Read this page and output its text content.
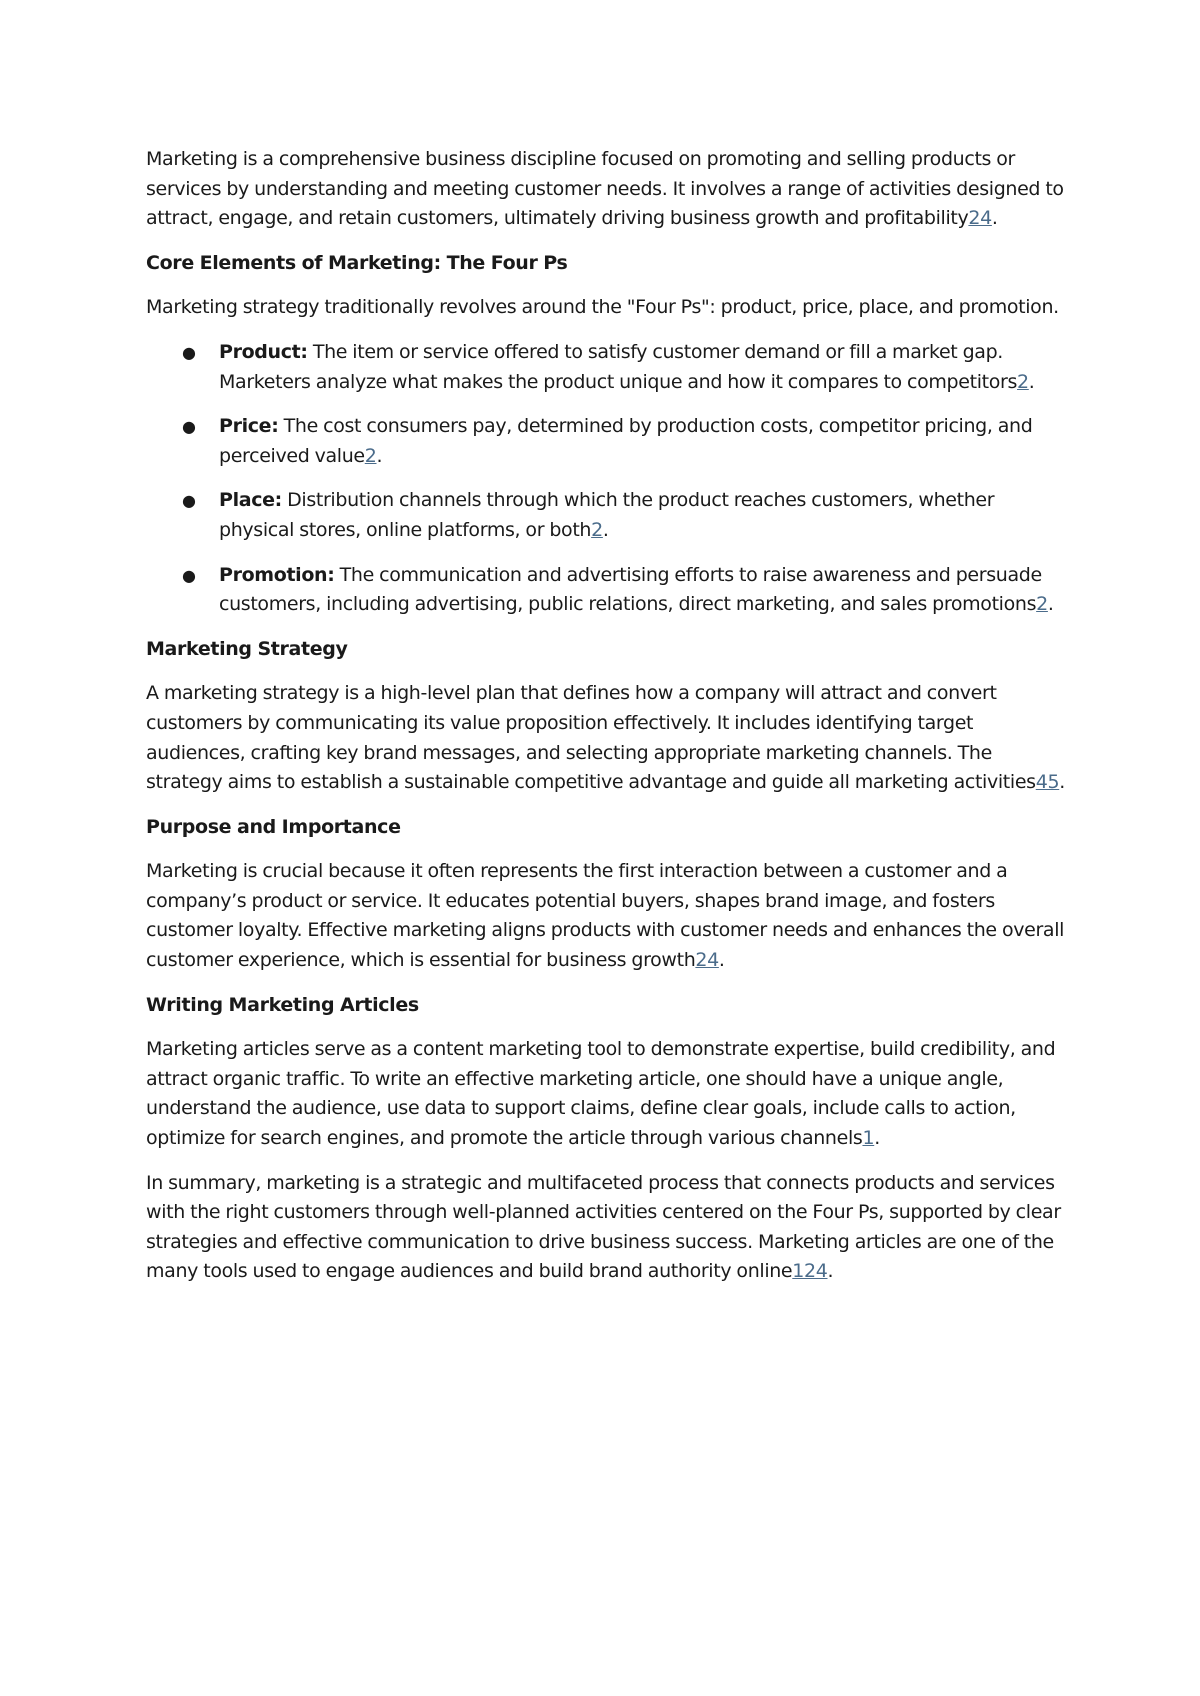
Marketing is a comprehensive business discipline focused on promoting and selling products or services by understanding and meeting customer needs. It involves a range of activities designed to attract, engage, and retain customers, ultimately driving business growth and profitability24.

Core Elements of Marketing: The Four Ps

Marketing strategy traditionally revolves around the "Four Ps": product, price, place, and promotion.

● Product: The item or service offered to satisfy customer demand or fill a market gap. Marketers analyze what makes the product unique and how it compares to competitors2.
● Price: The cost consumers pay, determined by production costs, competitor pricing, and perceived value2.
● Place: Distribution channels through which the product reaches customers, whether physical stores, online platforms, or both2.
● Promotion: The communication and advertising efforts to raise awareness and persuade customers, including advertising, public relations, direct marketing, and sales promotions2.
Marketing Strategy

A marketing strategy is a high-level plan that defines how a company will attract and convert customers by communicating its value proposition effectively. It includes identifying target audiences, crafting key brand messages, and selecting appropriate marketing channels. The strategy aims to establish a sustainable competitive advantage and guide all marketing activities45.

Purpose and Importance

Marketing is crucial because it often represents the first interaction between a customer and a company’s product or service. It educates potential buyers, shapes brand image, and fosters customer loyalty. Effective marketing aligns products with customer needs and enhances the overall customer experience, which is essential for business growth24.

Writing Marketing Articles

Marketing articles serve as a content marketing tool to demonstrate expertise, build credibility, and attract organic traffic. To write an effective marketing article, one should have a unique angle, understand the audience, use data to support claims, define clear goals, include calls to action, optimize for search engines, and promote the article through various channels1.

In summary, marketing is a strategic and multifaceted process that connects products and services with the right customers through well-planned activities centered on the Four Ps, supported by clear strategies and effective communication to drive business success. Marketing articles are one of the many tools used to engage audiences and build brand authority online124.
